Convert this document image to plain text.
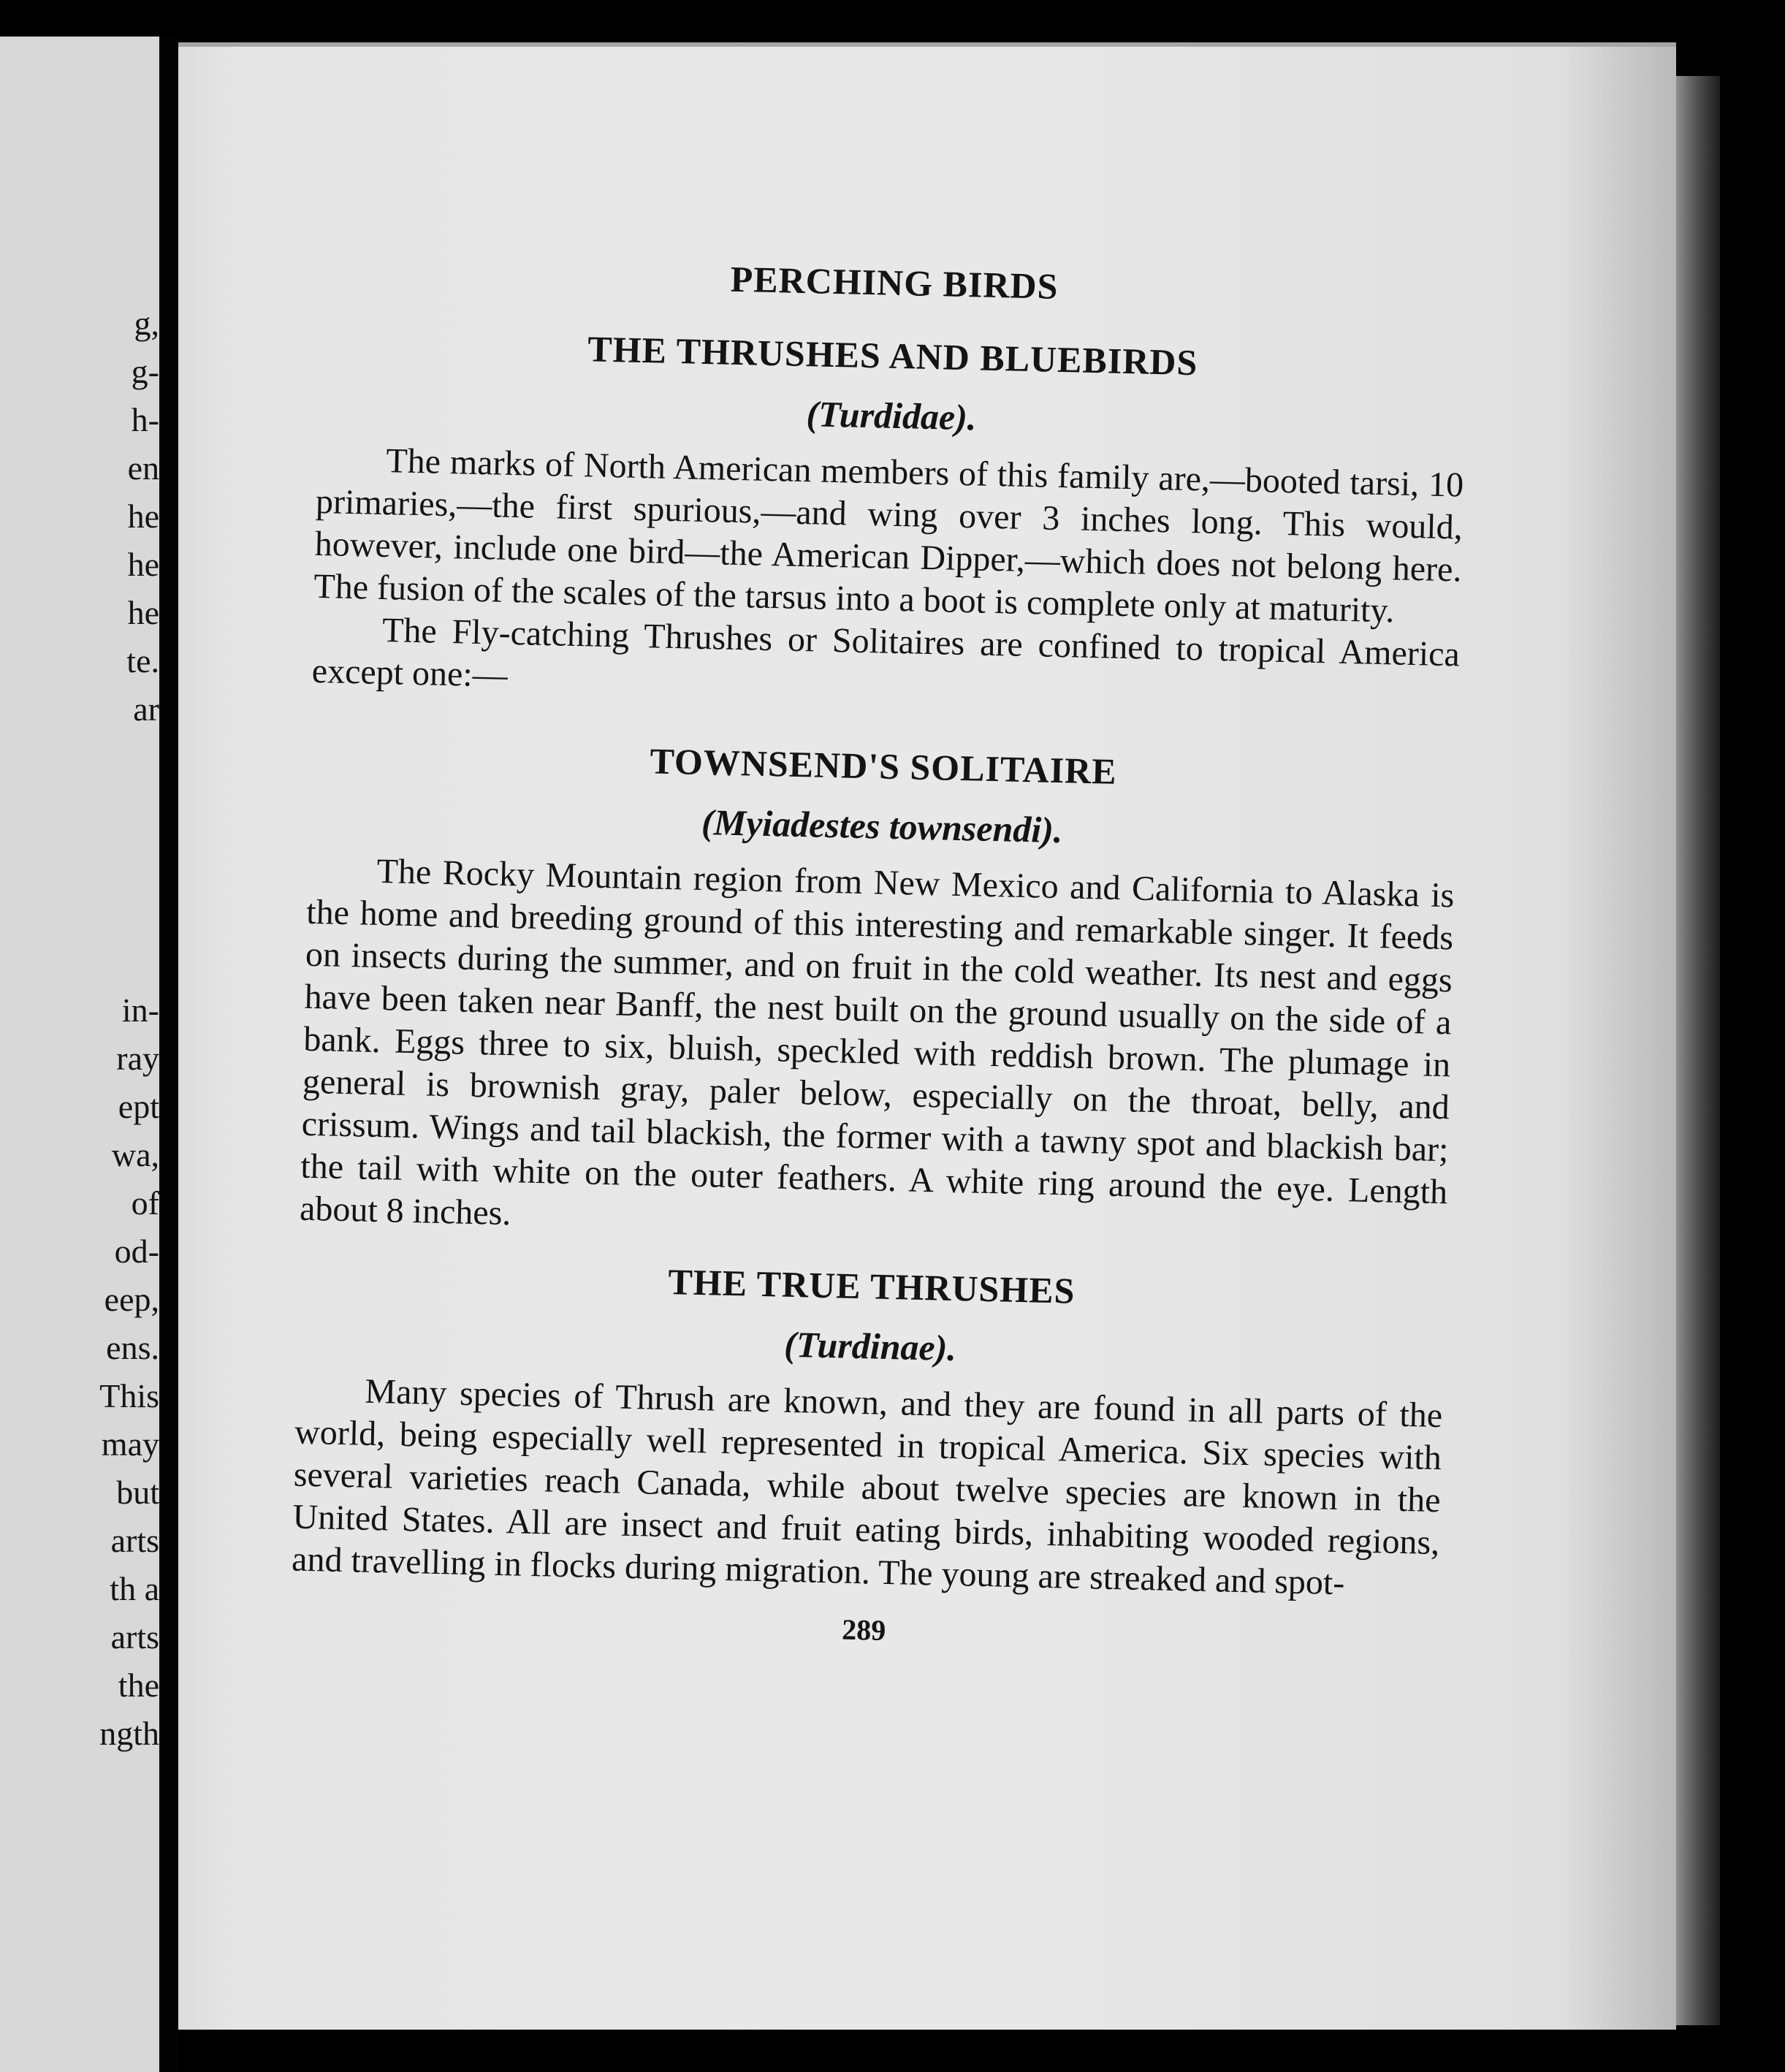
g,
g-
h-
en
he
he
he
te.
ar
in-
ray
ept
wa,
of
od-
eep,
ens.
This
may
but
arts
th a
arts
the
ngth

PERCHING BIRDS

THE THRUSHES AND BLUEBIRDS

(Turdidae).

The marks of North American members of this family are,—booted tarsi, 10 primaries,—the first spurious,—and wing over 3 inches long. This would, however, include one bird—the American Dipper,—which does not belong here. The fusion of the scales of the tarsus into a boot is complete only at maturity.

The Fly-catching Thrushes or Solitaires are confined to tropical America except one:—

TOWNSEND'S SOLITAIRE

(Myiadestes townsendi).

The Rocky Mountain region from New Mexico and California to Alaska is the home and breeding ground of this interesting and remarkable singer. It feeds on insects during the summer, and on fruit in the cold weather. Its nest and eggs have been taken near Banff, the nest built on the ground usually on the side of a bank. Eggs three to six, bluish, speckled with reddish brown. The plumage in general is brownish gray, paler below, especially on the throat, belly, and crissum. Wings and tail blackish, the former with a tawny spot and blackish bar; the tail with white on the outer feathers. A white ring around the eye. Length about 8 inches.

THE TRUE THRUSHES

(Turdinae).

Many species of Thrush are known, and they are found in all parts of the world, being especially well represented in tropical America. Six species with several varieties reach Canada, while about twelve species are known in the United States. All are insect and fruit eating birds, inhabiting wooded regions, and travelling in flocks during migration. The young are streaked and spot-

289
